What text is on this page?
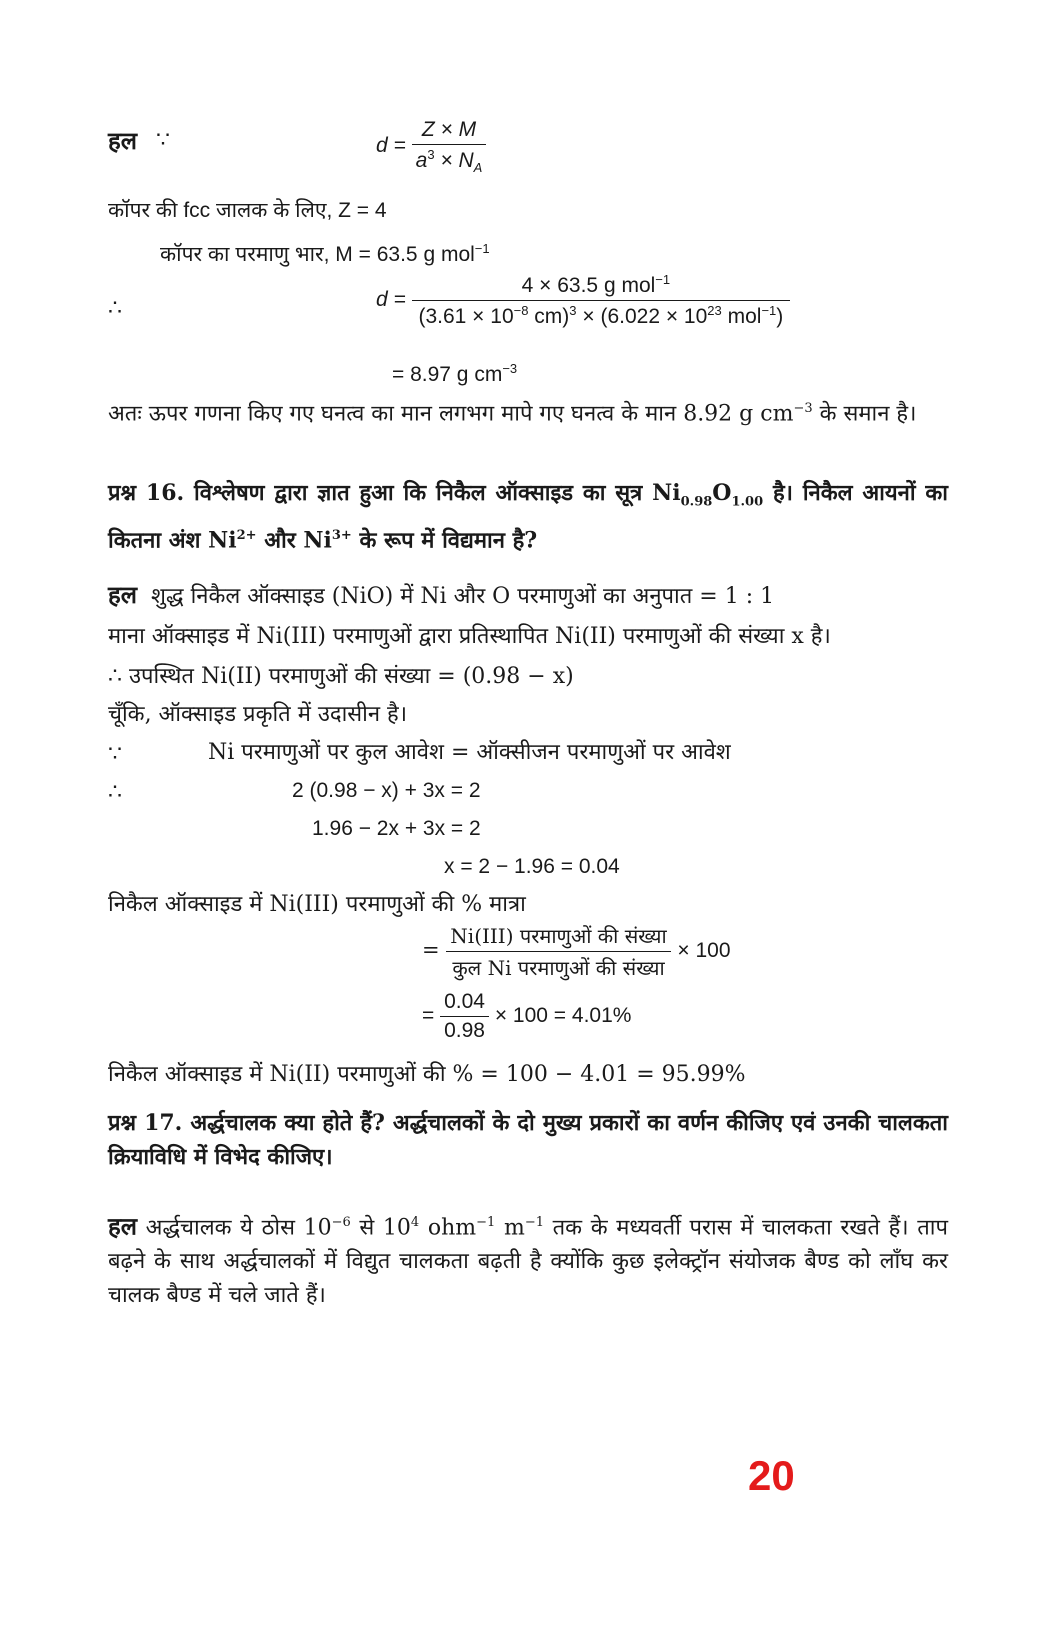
हल ∵	$d = \frac{Z \times M}{a^3 \times N_A}$
कॉपर की fcc जालक के लिए, Z = 4
कॉपर का परमाणु भार, M = 63.5 g mol$^{-1}$
∴	$d = \frac{4 \times 63.5 g mol^{-1}}{(3.61 \times 10^{-8} cm)^3 \times (6.022 \times 10^{23} mol^{-1})}$
= 8.97 g $cm^{-3}$
अतः ऊपर गणना किए गए घनत्व का मान लगभग मापे गए घनत्व के मान 8.92 g $cm^{-3}$ के समान है।
प्रश्न 16. विश्लेषण द्वारा ज्ञात हुआ कि निकैल ऑक्साइड का सूत्र $Ni_{0.98}O_{1.00}$ है। निकैल आयनों का कितना अंश $Ni^{2+}$ और $Ni^{3+}$ के रूप में विद्यमान है?
हल शुद्ध निकैल ऑक्साइड (NiO) में Ni और O परमाणुओं का अनुपात = 1 : 1
माना ऑक्साइड में Ni(III) परमाणुओं द्वारा प्रतिस्थापित Ni(II) परमाणुओं की संख्या x है।
∴ उपस्थित Ni(II) परमाणुओं की संख्या = (0.98 − x)
चूँकि, ऑक्साइड प्रकृति में उदासीन है।
∵	Ni परमाणुओं पर कुल आवेश = ऑक्सीजन परमाणुओं पर आवेश
∴	2 (0.98 − x) + 3x = 2
1.96 − 2x + 3x = 2
x = 2 − 1.96 = 0.04
निकैल ऑक्साइड में Ni(III) परमाणुओं की % मात्रा
= $\frac{\text{Ni(III) परमाणुओं की संख्या}}{\text{कुल Ni परमाणुओं की संख्या}} \times 100$
= $\frac{0.04}{0.98} \times 100 = 4.01\%$
निकैल ऑक्साइड में Ni(II) परमाणुओं की % = 100 − 4.01 = 95.99%
प्रश्न 17. अर्द्धचालक क्या होते हैं? अर्द्धचालकों के दो मुख्य प्रकारों का वर्णन कीजिए एवं उनकी चालकता क्रियाविधि में विभेद कीजिए।
हल अर्द्धचालक ये ठोस $10^{-6}$ से $10^4$ ohm$^{-1}$ $m^{-1}$ तक के मध्यवर्ती परास में चालकता रखते हैं। ताप बढ़ने के साथ अर्द्धचालकों में विद्युत चालकता बढ़ती है क्योंकि कुछ इलेक्ट्रॉन संयोजक बैण्ड को लाँघ कर चालक बैण्ड में चले जाते हैं।
20
